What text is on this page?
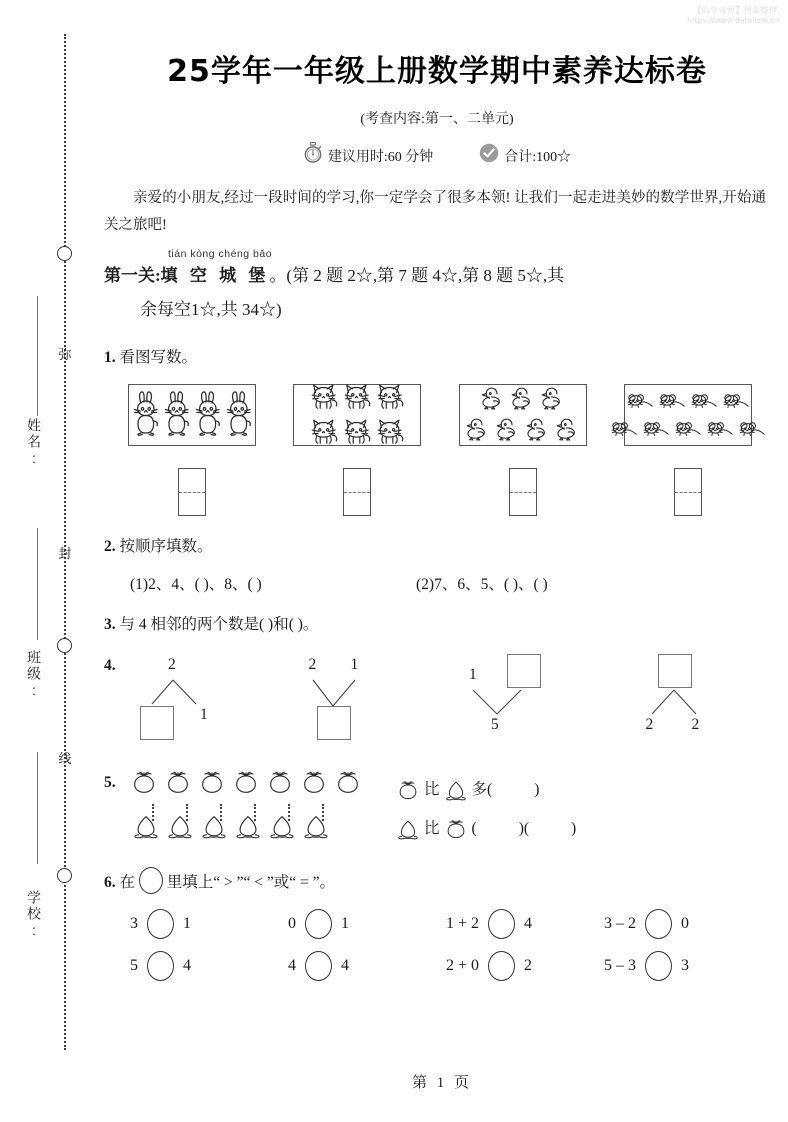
【尚学资源】搜集整理,
https://www.datalists.cn
弥
封
线
姓名:
班级:
学校:
25学年一年级上册数学期中素养达标卷
(考查内容:第一、二单元)
建议用时:60 分钟	合计:100☆
亲爱的小朋友,经过一段时间的学习,你一定学会了很多本领! 让我们一起走进美妙的数学世界,开始通关之旅吧!
tián kòng chéng bǎo
第一关:填 空 城 堡。(第 2 题 2☆,第 7 题 4☆,第 8 题 5☆,其
余每空1☆,共 34☆)
1. 看图写数。
2. 按顺序填数。
(1)2、4、( )、8、( )	(2)7、6、5、( )、( )
3. 与 4 相邻的两个数是( )和( )。
4.	2
1
2 1
1
5	2 2
5.	比 多(	)
比 (	)(	)
6. 在 里填上“ > ”“ < ”或“ = ”。
3	1	0	1	1 + 2	4	3 – 2	0
5	4	4	4	2 + 0	2	5 – 3	3
第 1 页
